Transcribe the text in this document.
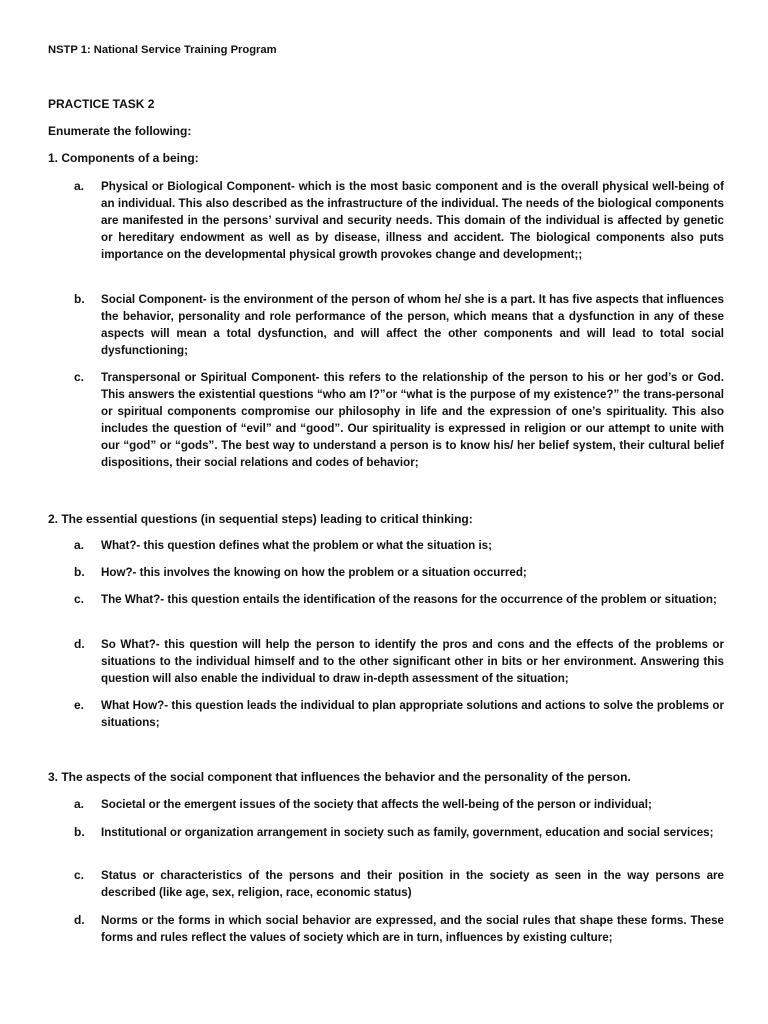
NSTP 1: National Service Training Program
PRACTICE TASK 2
Enumerate the following:
1. Components of a being:
a. Physical or Biological Component- which is the most basic component and is the overall physical well-being of an individual. This also described as the infrastructure of the individual. The needs of the biological components are manifested in the persons’ survival and security needs. This domain of the individual is affected by genetic or hereditary endowment as well as by disease, illness and accident. The biological components also puts importance on the developmental physical growth provokes change and development;;
b. Social Component- is the environment of the person of whom he/ she is a part. It has five aspects that influences the behavior, personality and role performance of the person, which means that a dysfunction in any of these aspects will mean a total dysfunction, and will affect the other components and will lead to total social dysfunctioning;
c. Transpersonal or Spiritual Component- this refers to the relationship of the person to his or her god’s or God. This answers the existential questions “who am I?”or “what is the purpose of my existence?” the trans-personal or spiritual components compromise our philosophy in life and the expression of one’s spirituality. This also includes the question of “evil” and “good”. Our spirituality is expressed in religion or our attempt to unite with our “god” or “gods”. The best way to understand a person is to know his/ her belief system, their cultural belief dispositions, their social relations and codes of behavior;
2. The essential questions (in sequential steps) leading to critical thinking:
a. What?- this question defines what the problem or what the situation is;
b. How?- this involves the knowing on how the problem or a situation occurred;
c. The What?- this question entails the identification of the reasons for the occurrence of the problem or situation;
d. So What?- this question will help the person to identify the pros and cons and the effects of the problems or situations to the individual himself and to the other significant other in bits or her environment. Answering this question will also enable the individual to draw in-depth assessment of the situation;
e. What How?- this question leads the individual to plan appropriate solutions and actions to solve the problems or situations;
3. The aspects of the social component that influences the behavior and the personality of the person.
a. Societal or the emergent issues of the society that affects the well-being of the person or individual;
b. Institutional or organization arrangement in society such as family, government, education and social services;
c. Status or characteristics of the persons and their position in the society as seen in the way persons are described (like age, sex, religion, race, economic status)
d. Norms or the forms in which social behavior are expressed, and the social rules that shape these forms. These forms and rules reflect the values of society which are in turn, influences by existing culture;
